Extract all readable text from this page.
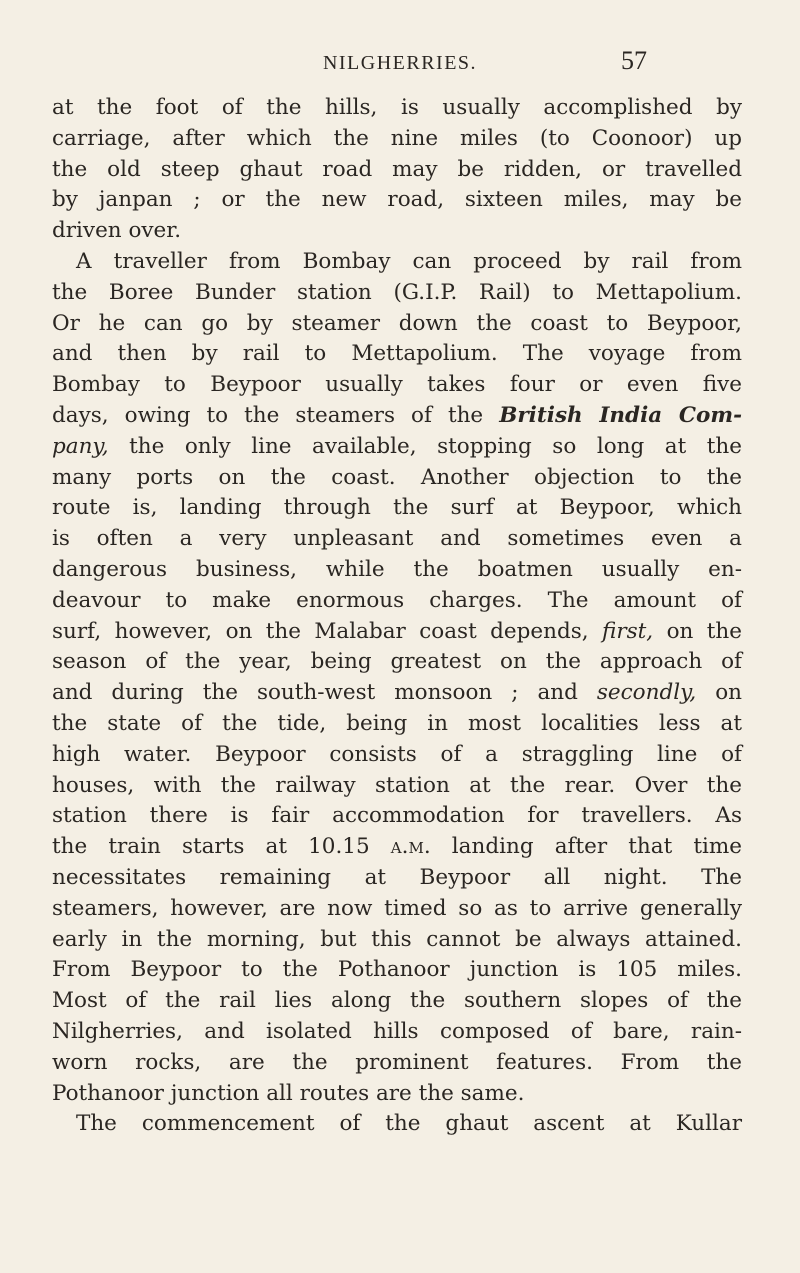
NILGHERRIES.	57
at the foot of the hills, is usually accomplished by
carriage, after which the nine miles (to Coonoor) up
the old steep ghaut road may be ridden, or travelled
by janpan ; or the new road, sixteen miles, may be
driven over.
A traveller from Bombay can proceed by rail from
the Boree Bunder station (G.I.P. Rail) to Mettapolium.
Or he can go by steamer down the coast to Beypoor,
and then by rail to Mettapolium. The voyage from
Bombay to Beypoor usually takes four or even five
days, owing to the steamers of the British India Com-
pany, the only line available, stopping so long at the
many ports on the coast. Another objection to the
route is, landing through the surf at Beypoor, which
is often a very unpleasant and sometimes even a
dangerous business, while the boatmen usually en-
deavour to make enormous charges. The amount of
surf, however, on the Malabar coast depends, first, on the
season of the year, being greatest on the approach of
and during the south-west monsoon ; and secondly, on
the state of the tide, being in most localities less at
high water. Beypoor consists of a straggling line of
houses, with the railway station at the rear. Over the
station there is fair accommodation for travellers. As
the train starts at 10.15 a.m. landing after that time
necessitates remaining at Beypoor all night. The
steamers, however, are now timed so as to arrive generally
early in the morning, but this cannot be always attained.
From Beypoor to the Pothanoor junction is 105 miles.
Most of the rail lies along the southern slopes of the
Nilgherries, and isolated hills composed of bare, rain-
worn rocks, are the prominent features. From the
Pothanoor junction all routes are the same.
The commencement of the ghaut ascent at Kullar
